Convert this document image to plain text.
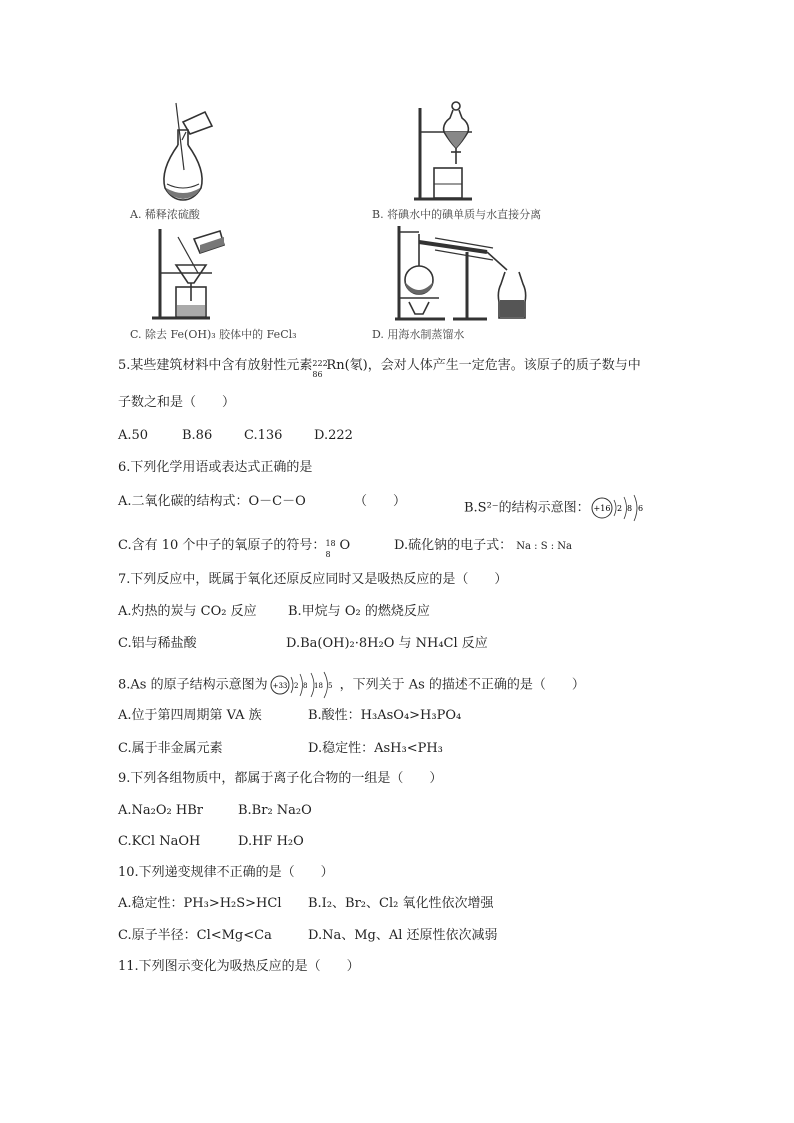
A. 稀释浓硫酸	B. 将碘水中的碘单质与水直接分离
C. 除去 Fe(OH)₃ 胶体中的 FeCl₃	D. 用海水制蒸馏水
5.某些建筑材料中含有放射性元素 222
86
Rn(氡)，会对人体产生一定危害。该原子的质子数与中
子数之和是（　　）
A.50	B.86 C.136 D.222
6.下列化学用语或表达式正确的是
A.二氧化碳的结构式：O－C－O	（　　）	B.S²⁻的结构示意图： +16 2 8 6
C.含有 10 个中子的氧原子的符号： 18
8
O	D.硫化钠的电子式： Na : S : Na
7.下列反应中，既属于氧化还原反应同时又是吸热反应的是（　　）
A.灼热的炭与 CO₂ 反应 B.甲烷与 O₂ 的燃烧反应
C.铝与稀盐酸	D.Ba(OH)₂·8H₂O 与 NH₄Cl 反应
8.As 的原子结构示意图为 +33 2 8 18 5 ，下列关于 As 的描述不正确的是（　　）
A.位于第四周期第 VA 族	B.酸性：H₃AsO₄>H₃PO₄
C.属于非金属元素	D.稳定性：AsH₃<PH₃
9.下列各组物质中，都属于离子化合物的一组是（　　）
A.Na₂O₂ HBr	B.Br₂ Na₂O
C.KCl NaOH	D.HF H₂O
10.下列递变规律不正确的是（　　）
A.稳定性：PH₃>H₂S>HCl B.I₂、Br₂、Cl₂ 氧化性依次增强
C.原子半径：Cl<Mg<Ca	D.Na、Mg、Al 还原性依次减弱
11.下列图示变化为吸热反应的是（　　）
